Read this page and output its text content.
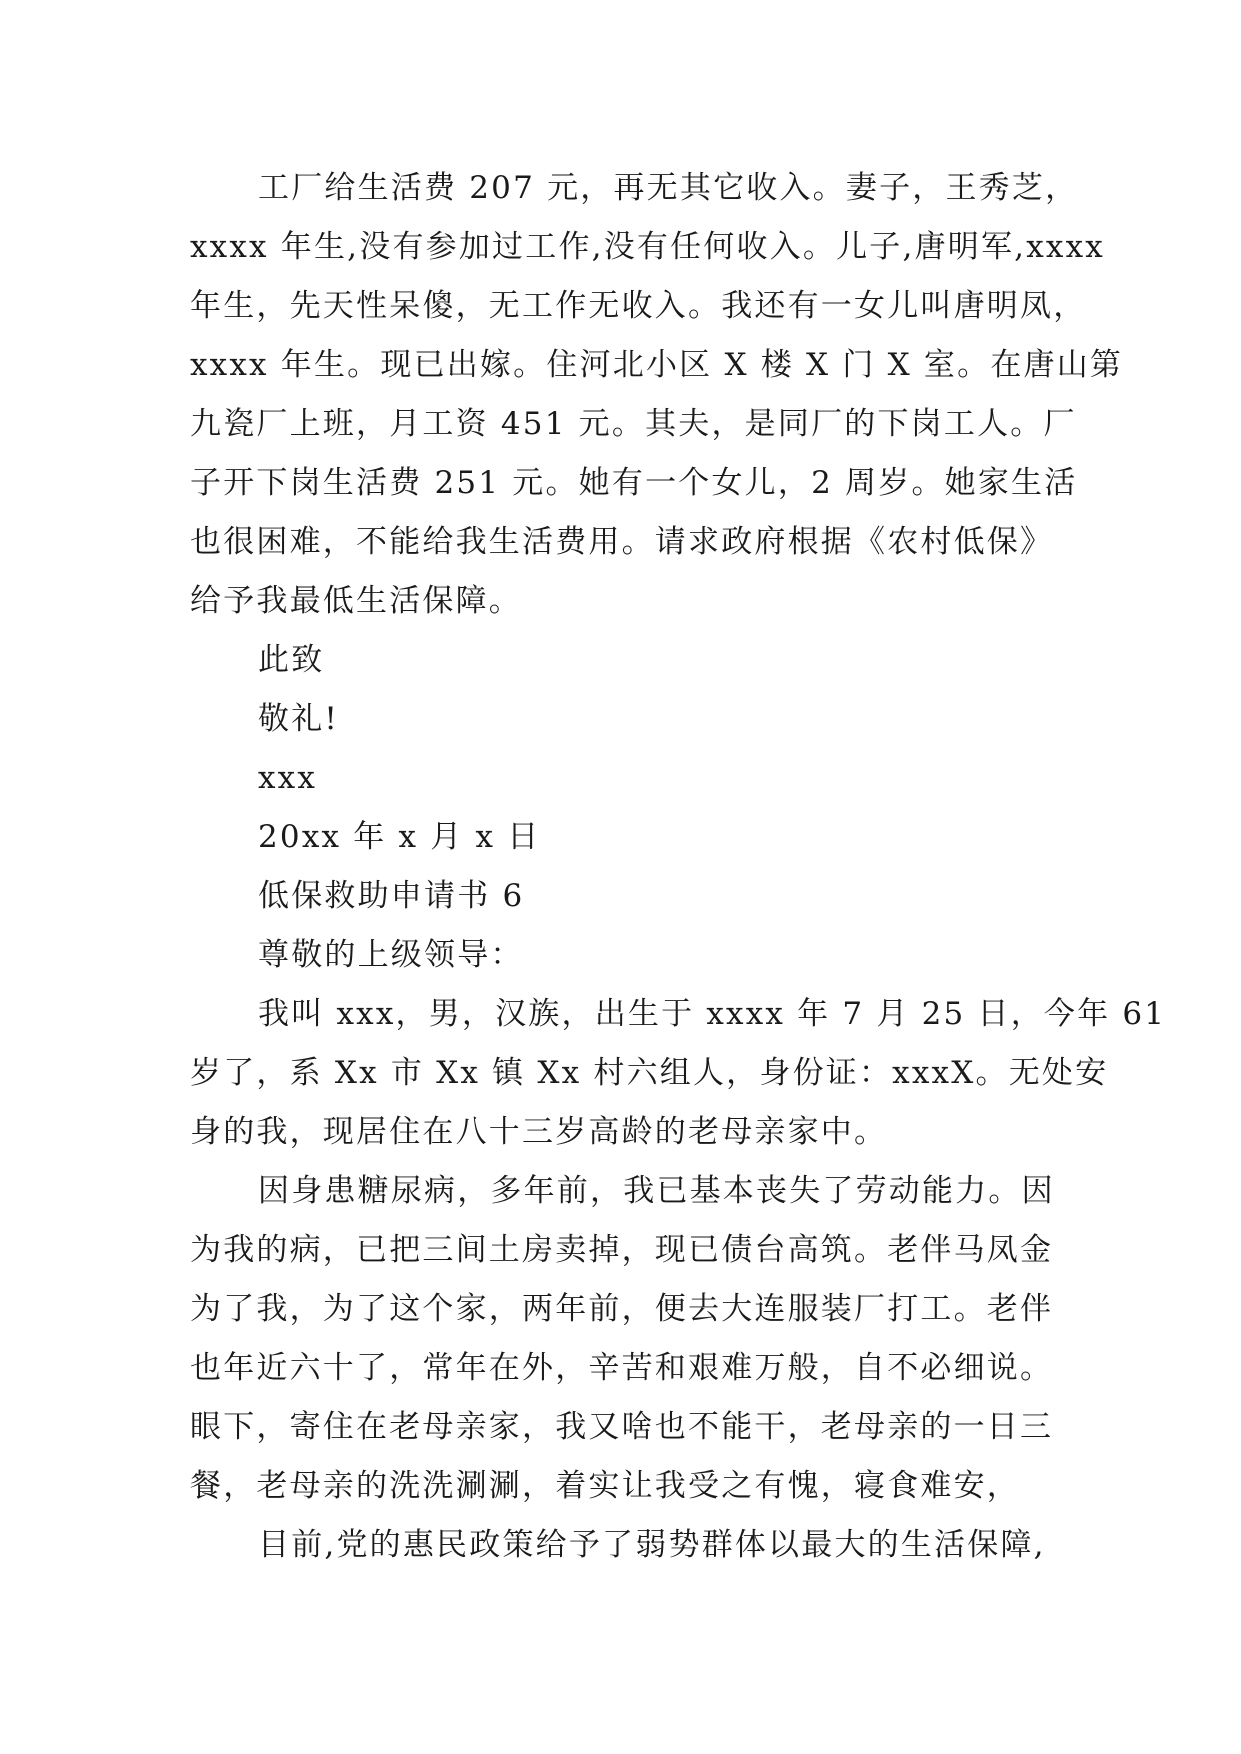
工厂给生活费 207 元，再无其它收入。妻子，王秀芝，
xxxx 年生,没有参加过工作,没有任何收入。儿子,唐明军,xxxx
年生，先天性呆傻，无工作无收入。我还有一女儿叫唐明凤，
xxxx 年生。现已出嫁。住河北小区 X 楼 X 门 X 室。在唐山第
九瓷厂上班，月工资 451 元。其夫，是同厂的下岗工人。厂
子开下岗生活费 251 元。她有一个女儿，2 周岁。她家生活
也很困难，不能给我生活费用。请求政府根据《农村低保》
给予我最低生活保障。
此致
敬礼!
xxx
20xx 年 x 月 x 日
低保救助申请书 6
尊敬的上级领导：
我叫 xxx，男，汉族，出生于 xxxx 年 7 月 25 日，今年 61
岁了，系 Xx 市 Xx 镇 Xx 村六组人，身份证：xxxX。无处安
身的我，现居住在八十三岁高龄的老母亲家中。
因身患糖尿病，多年前，我已基本丧失了劳动能力。因
为我的病，已把三间土房卖掉，现已债台高筑。老伴马凤金
为了我，为了这个家，两年前，便去大连服装厂打工。老伴
也年近六十了，常年在外，辛苦和艰难万般，自不必细说。
眼下，寄住在老母亲家，我又啥也不能干，老母亲的一日三
餐，老母亲的洗洗涮涮，着实让我受之有愧，寝食难安，
目前,党的惠民政策给予了弱势群体以最大的生活保障,
